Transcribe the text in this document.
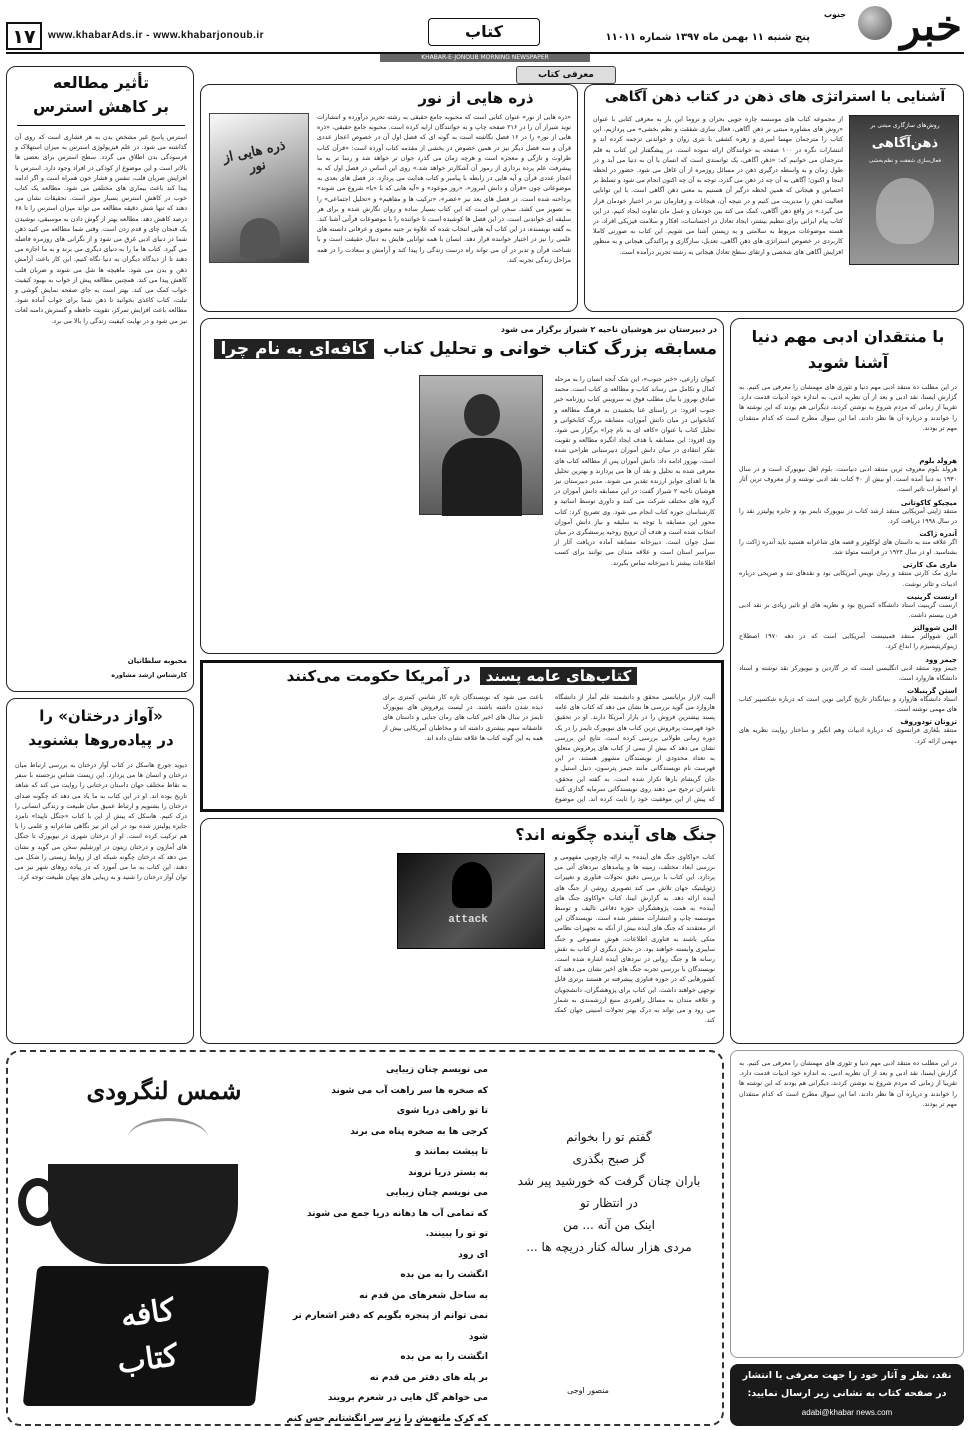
۱۷	www.khabarAds.ir - www.khabarjonoub.ir	کتاب	پنج شنبه ۱۱ بهمن ماه ۱۳۹۷ شماره ۱۱۰۱۱	خبر
جنوب
KHABAR-E-JONOUB MORNING NEWSPAPER
معرفی کتاب
آشنایی با استراتژی های ذهن در کتاب ذهن آگاهی
روش‌های سازگاری مبتنی بر
ذهن‌آگاهی
فعال‌سازی شفقت و نظم‌بخشی
از مجموعه کتاب های موسسه چاره جویی بحران و تروما این بار به معرفی کتابی با عنوان «روش های مشاوره مبتنی بر ذهن آگاهی، فعال سازی شفقت و نظم بخشی» می پردازیم. این کتاب را مترجمان مهسا امیری و زهره کشفی با نثری روان و خواندنی ترجمه کرده اند و انتشارات نگره در ۱۰۰ صفحه به خوانندگان ارائه نموده است. در پیشگفتار این کتاب به قلم مترجمان می خوانیم که: «ذهن آگاهی، یک توانمندی است که انسان با آن به دنیا می آید و در طول زمان و به واسطه درگیری ذهن در مسائل روزمره از آن غافل می شود. حضور در لحظه اینجا و اکنون؛ آگاهی به آن چه در ذهن می گذرد، توجه به آن چه اکنون انجام می شود و تسلط بر احساس و هیجانی که همین لحظه درگیر آن هستیم به معنی ذهن آگاهی است. با این توانایی فعالیت ذهن را مدیریت می کنیم و در نتیجه آن، هیجانات و رفتارمان نیز در اختیار خودمان قرار می گیرد.» در واقع ذهن آگاهی، کمک می کند بین خودمان و عمل مان تفاوت ایجاد کنیم. در این کتاب پیام ایرانی برای تنظیم بیشتر، ایجاد تعادل در احساسات، افکار و سلامت فیزیکی افراد، در هسته موضوعات مربوط به سلامتی و به زیستن آشنا می شویم. این کتاب به صورتی کاملا کاربردی در خصوص استراتژی های ذهن آگاهی، تعدیل، سازگاری و پراکندگی هیجانی و به منظور افزایش آگاهی های شخصی و ارتقای سطح تعادل هیجانی به رشته تحریر درآمده است.
ذره هایی از نور
ذره هایی از نور
«ذره هایی از نور» عنوان کتابی است که محبوبه جامع حقیقی به رشته تحریر درآورده و انتشارات نوید شیراز آن را در ۲۱۶ صفحه چاپ و به خوانندگان ارایه کرده است. محبوبه جامع حقیقی، «ذره هایی از نور» را در ۱۶ فصل نگاشته است به گونه ای که فصل اول آن در خصوص اعجاز عددی قرآن و سه فصل دیگر نیز در همین خصوص در بخشی از مقدمه کتاب آورده است: «قرآن کتاب طراوت و تازگی و معجزه است و هرچه زمان می گذرد جوان تر خواهد شد و رسا تر به ما پیشرفت علم پرده برداری از رموز آن آشکارتر خواهد شد.» روی این اساس در فصل اول که به اعجاز عددی قرآن و آیه هایی در رابطه با پیامبر و کتاب هدایت می پردازد. در فصل های بعدی به موضوعاتی چون «قرآن و دانش امروز»، «روز موعود» و «آیه هایی که با «یا» شروع می شوند» پرداخته شده است. در فصل های بعد نیز «عصر»، «ترکیب ها و مفاهیم» و «تحلیل اجتماعی» را به تصویر می کشد. سخن این است که این کتاب بسیار ساده و روان نگارش شده و برای هر سلیقه ای خواندنی است. در این فصل ها کوشیده است تا خواننده را با موضوعات قرآنی آشنا کند. به گفته نویسنده، در این کتاب آیه هایی انتخاب شده که علاوه بر جنبه معنوی و عرفانی دانسته های علمی را نیز در اختیار خواننده قرار دهد. انسان با همه توانایی هایش به دنبال حقیقت است و با شناخت قرآن و تدبر در آن می تواند راه درست زندگی را پیدا کند و آرامش و سعادت را در همه مراحل زندگی تجربه کند.
تأثیر مطالعه
بر کاهش استرس
استرس پاسخ غیر مشخص بدن به هر فشاری است که روی آن گذاشته می شود. در علم فیزیولوژی استرس به میزان استهلاک و فرسودگی بدن اطلاق می گردد. سطح استرس برای بعضی ها بالاتر است و این موضوع از کودکی در افراد وجود دارد. استرس با افزایش ضربان قلب، تنفس و فشار خون همراه است و اگر ادامه پیدا کند باعث بیماری های مختلفی می شود. مطالعه یک کتاب خوب در کاهش استرس بسیار موثر است. تحقیقات نشان می دهند که تنها شش دقیقه مطالعه می تواند میزان استرس را تا ۶۸ درصد کاهش دهد. مطالعه بهتر از گوش دادن به موسیقی، نوشیدن یک فنجان چای و قدم زدن است. وقتی شما مطالعه می کنید ذهن شما در دنیای ادبی غرق می شود و از نگرانی های روزمره فاصله می گیرد. کتاب ها ما را به دنیای دیگری می برند و به ما اجازه می دهند تا از دیدگاه دیگران به دنیا نگاه کنیم. این کار باعث آرامش ذهن و بدن می شود. ماهیچه ها شل می شوند و ضربان قلب کاهش پیدا می کند. همچنین مطالعه پیش از خواب به بهبود کیفیت خواب کمک می کند. بهتر است به جای صفحه نمایش گوشی و تبلت، کتاب کاغذی بخوانید تا ذهن شما برای خواب آماده شود. مطالعه باعث افزایش تمرکز، تقویت حافظه و گسترش دامنه لغات نیز می شود و در نهایت کیفیت زندگی را بالا می برد.
محبوبه سلطانیان
کارشناس ارشد مشاوره
«آواز درختان» را
در پیاده‌روها بشنوید
دیوید جورج هاسکل در کتاب آواز درختان به بررسی ارتباط میان درختان و انسان ها می پردازد. این زیست شناس برجسته با سفر به نقاط مختلف جهان داستان درختانی را روایت می کند که شاهد تاریخ بوده اند. او در این کتاب به ما یاد می دهد که چگونه صدای درختان را بشنویم و ارتباط عمیق میان طبیعت و زندگی انسانی را درک کنیم. هاسکل که پیش از این با کتاب «جنگل ناپیدا» نامزد جایزه پولیتزر شده بود در این اثر نیز نگاهی شاعرانه و علمی را با هم ترکیب کرده است. او از درختان شهری در نیویورک تا جنگل های آمازون و درختان زیتون در اورشلیم سخن می گوید و نشان می دهد که درختان چگونه شبکه ای از روابط زیستی را شکل می دهند. این کتاب به ما می آموزد که در پیاده روهای شهر نیز می توان آواز درختان را شنید و به زیبایی های پنهان طبیعت توجه کرد.
با منتقدان ادبی مهم دنیا
آشنا شوید
در این مطلب ده منتقد ادبی مهم دنیا و تئوری های مهمشان را معرفی می کنیم. به گزارش ایسنا، نقد ادبی و بعد از آن نظریه ادبی، به اندازه خود ادبیات قدمت دارد. تقریبا از زمانی که مردم شروع به نوشتن کردند، دیگرانی هم بودند که این نوشته ها را خواندند و درباره آن ها نظر دادند. اما این سوال مطرح است که کدام منتقدان مهم تر بودند.
هرولد بلوم
هرولد بلوم معروف ترین منتقد ادبی دنیاست. بلوم اهل نیویورک است و در سال ۱۹۳۰ به دنیا آمده است. او بیش از ۴۰ کتاب نقد ادبی نوشته و از معروف ترین آثار او اضطراب تاثیر است.
میچیکو کاکوتانی
منتقد ژاپنی آمریکایی منتقد ارشد کتاب در نیویورک تایمز بود و جایزه پولیتزر نقد را در سال ۱۹۹۸ دریافت کرد.
آندره ژاکت
اگر علاقه مند به داستان های لوکلوتر و قصه های شاعرانه هستید باید آندره ژاکت را بشناسید. او در سال ۱۹۲۴ در فرانسه متولد شد.
ماری مک کارتی
ماری مک کارتی منتقد و رمان نویس آمریکایی بود و نقدهای تند و صریحی درباره ادبیات و تئاتر نوشت.
ارنست گرینیت
ارنست گرینیت استاد دانشگاه کمبریج بود و نظریه های او تاثیر زیادی بر نقد ادبی قرن بیستم داشت.
الین شووالتر
الین شووالتر منتقد فمینیست آمریکایی است که در دهه ۱۹۷۰ اصطلاح ژینوکریتیسیزم را ابداع کرد.
جیمز وود
جیمز وود منتقد ادبی انگلیسی است که در گاردین و نیویورکر نقد نوشته و استاد دانشگاه هاروارد است.
استن گرینبلات
استاد دانشگاه هاروارد و بنیانگذار تاریخ گرایی نوین است که درباره شکسپیر کتاب های مهمی نوشته است.
تزوتان تودوروف
منتقد بلغاری فرانسوی که درباره ادبیات وهم انگیز و ساختار روایت نظریه های مهمی ارائه کرد.
در دبیرستان نیز هوشیان ناحیه ۲ شیراز برگزار می شود
مسابقه بزرگ کتاب خوانی و تحلیل کتاب کافه‌ای به نام چرا
کیوان زارعی، «خبر جنوب»، این شک آنجه انسان را به مرحله کمال و تکامل می رساند کتاب و مطالعه ی کتاب است. محمد صادق بهروز با بیان مطلب فوق به سرویس کتاب روزنامه خبر جنوب افزود: در راستای غنا بخشیدن به فرهنگ مطالعه و کتابخوانی در میان دانش آموزان، مسابقه بزرگ کتابخوانی و تحلیل کتاب با عنوان «کافه ای به نام چرا» برگزار می شود. وی افزود: این مسابقه با هدف ایجاد انگیزه مطالعه و تقویت تفکر انتقادی در میان دانش آموزان دبیرستانی طراحی شده است. بهروز ادامه داد: دانش آموزان پس از مطالعه کتاب های معرفی شده به تحلیل و نقد آن ها می پردازند و بهترین تحلیل ها با اهدای جوایز ارزنده تقدیر می شوند. مدیر دبیرستان نیز هوشیان ناحیه ۲ شیراز گفت: در این مسابقه دانش آموزان در گروه های مختلف شرکت می کنند و داوری توسط اساتید و کارشناسان حوزه کتاب انجام می شود. وی تصریح کرد: کتاب محور این مسابقه با توجه به سلیقه و نیاز دانش آموزان انتخاب شده است و هدف آن ترویج روحیه پرسشگری در میان نسل جوان است. دبیرخانه مسابقه آماده دریافت آثار از سراسر استان است و علاقه مندان می توانند برای کسب اطلاعات بیشتر با دبیرخانه تماس بگیرند.
کتاب‌های عامه پسند در آمریکا حکومت می‌کنند
آلیت لازار برایانسی محقق و دانشمند علم آمار از دانشگاه هاروارد می گوید بررسی ها نشان می دهد که کتاب های عامه پسند بیشترین فروش را در بازار آمریکا دارند. او در تحقیق خود فهرست پرفروش ترین کتاب های نیویورک تایمز را در یک دوره زمانی طولانی بررسی کرده است. نتایج این بررسی نشان می دهد که بیش از نیمی از کتاب های پرفروش متعلق به تعداد محدودی از نویسندگان مشهور هستند. در این فهرست نام نویسندگانی مانند جیمز پترسون، دنیل استیل و جان گریشام بارها تکرار شده است. به گفته این محقق، ناشران ترجیح می دهند روی نویسندگانی سرمایه گذاری کنند که پیش از این موفقیت خود را ثابت کرده اند. این موضوع باعث می شود که نویسندگان تازه کار شانس کمتری برای دیده شدن داشته باشند. در لیست پرفروش های نیویورک تایمز در سال های اخیر کتاب های رمان جنایی و داستان های عاشقانه سهم بیشتری داشته اند و مخاطبان آمریکایی بیش از همه به این گونه کتاب ها علاقه نشان داده اند.
جنگ های آینده چگونه اند؟
attack
کتاب «واکاوی جنگ های آینده» به ارائه چارچوبی مفهومی و بررسی ابعاد مختلف، زمینه ها و پیامدهای نبردهای آتی می پردازد. این کتاب با بررسی دقیق تحولات فناوری و تغییرات ژئوپلیتیک جهان تلاش می کند تصویری روشن از جنگ های آینده ارائه دهد. به گزارش ایبنا، کتاب «واکاوی جنگ های آینده» به همت پژوهشگران حوزه دفاعی تالیف و توسط موسسه چاپ و انتشارات منتشر شده است. نویسندگان این اثر معتقدند که جنگ های آینده بیش از آنکه به تجهیزات نظامی متکی باشند به فناوری اطلاعات، هوش مصنوعی و جنگ سایبری وابسته خواهند بود. در بخش دیگری از کتاب به نقش رسانه ها و جنگ روانی در نبردهای آینده اشاره شده است. نویسندگان با بررسی تجربه جنگ های اخیر نشان می دهند که کشورهایی که در حوزه فناوری پیشرفته تر هستند برتری قابل توجهی خواهند داشت. این کتاب برای پژوهشگران، دانشجویان و علاقه مندان به مسائل راهبردی منبع ارزشمندی به شمار می رود و می تواند به درک بهتر تحولات امنیتی جهان کمک کند.
شمس لنگرودی
کافه
کتاب
می نویسم چنان زیبایی
که صخره ها سر راهت آب می شوند
تا تو راهی دریا شوی
کرجی ها به صخره پناه می برند
تا پیشت بمانند و
به بستر دریا نروند
می نویسم چنان زیبایی
که تمامی آب ها دهانه دریا جمع می شوند
تو تو را ببینند.
ای رود
انگشت را به من بده
به ساحل شعرهای من قدم نه
نمی توانم از پنجره بگویم که دفتر اشعارم تر شود
انگشت را به من بده
بر پله های دفتر من قدم نه
می خواهم گل هایی در شعرم برویند
که کرک ملتهبش را زیر سر انگشتانم حس کنم
گفتم تو را بخوانم
گز صبح بگذری
باران چنان گرفت که خورشید پیر شد
در انتظار تو
اینک من آنه ... من
مردی هزار ساله کنار دریچه ها ...
منصور اوجی
نقد، نظر و آثار خود را جهت معرفی یا انتشار
در صفحه کتاب به نشانی زیر ارسال نمایید:
adabi@khabar news.com
در این مطلب ده منتقد ادبی مهم دنیا و تئوری های مهمشان را معرفی می کنیم. به گزارش ایسنا، نقد ادبی و بعد از آن نظریه ادبی، به اندازه خود ادبیات قدمت دارد. تقریبا از زمانی که مردم شروع به نوشتن کردند، دیگرانی هم بودند که این نوشته ها را خواندند و درباره آن ها نظر دادند. اما این سوال مطرح است که کدام منتقدان مهم تر بودند.
